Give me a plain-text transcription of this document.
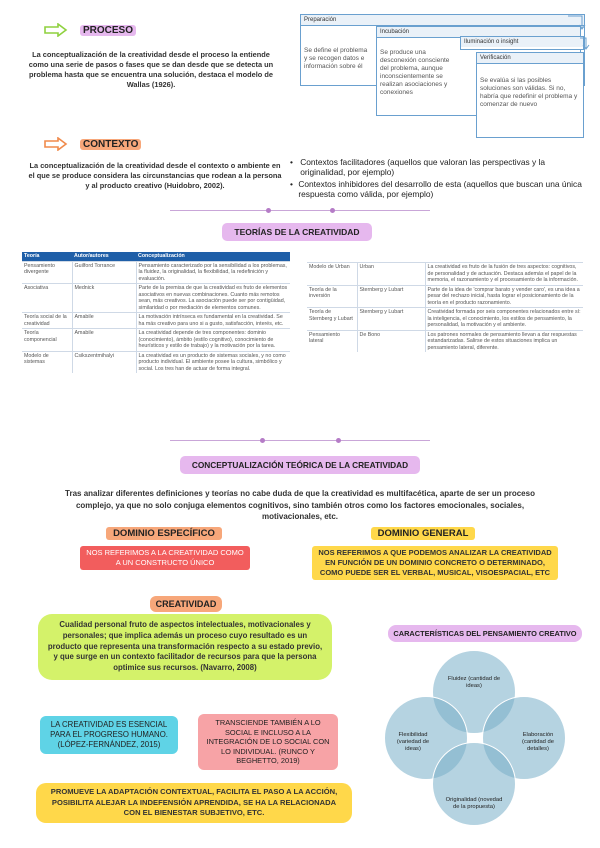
PROCESO
La conceptualización de la creatividad desde el proceso la entiende como una serie de pasos o fases que se dan desde que se detecta un problema hasta que se encuentra una solución, destaca el modelo de Wallas (1926).
Preparación
Se define el problema y se recogen datos e información sobre él
Incubación
Se produce una desconexión consciente del problema, aunque inconscientemente se realizan asociaciones y conexiones
Iluminación o insight
Verificación
Se evalúa si las posibles soluciones son válidas. Si no, habría que redefinir el problema y comenzar de nuevo
CONTEXTO
La conceptualización de la creatividad desde el contexto o ambiente en el que se produce considera las circunstancias que rodean a la persona y al producto creativo (Huidobro, 2002).
• Contextos facilitadores (aquellos que valoran las perspectivas y la originalidad, por ejemplo)
• Contextos inhibidores del desarrollo de esta (aquellos que buscan una única respuesta como válida, por ejemplo)
TEORÍAS DE LA CREATIVIDAD
Teoría	Autor/autores	Conceptualización
Pensamiento divergente	Guilford Torrance	Pensamiento caracterizado por la sensibilidad a los problemas, la fluidez, la originalidad, la flexibilidad, la redefinición y evaluación.
Asociativa	Mednick	Parte de la premisa de que la creatividad es fruto de elementos asociativos en nuevas combinaciones. Cuanto más remotos sean, más creativos. La asociación puede ser por contigüidad, similaridad o por mediación de elementos comunes.
Teoría social de la creatividad	Amabile	La motivación intrínseca es fundamental en la creatividad. Se ha más creativo para uno si a gusto, satisfacción, interés, etc.
Teoría componencial	Amabile	La creatividad depende de tres componentes: dominio (conocimiento), ámbito (estilo cognitivo), conocimiento de heurísticos y estilo de trabajo) y la motivación por la tarea.
Modelo de sistemas	Csikszentmihalyi	La creatividad es un producto de sistemas sociales, y no como producto individual. El ambiente posee la cultura, simbólico y social. Los tres han de actuar de forma integral.
Modelo de Urban	Urban	La creatividad es fruto de la fusión de tres aspectos: cognitivos, de personalidad y de actuación. Destaca además el papel de la memoria, el razonamiento y el procesamiento de la información.
Teoría de la inversión	Sternberg y Lubart	Parte de la idea de 'comprar barato y vender caro', es una idea a pesar del rechazo inicial, hasta lograr el posicionamiento de la teoría en el producto razonamiento.
Teoría de Sternberg y Lubart	Sternberg y Lubart	Creatividad formada por seis componentes relacionados entre sí: la inteligencia, el conocimiento, los estilos de pensamiento, la personalidad, la motivación y el ambiente.
Pensamiento lateral	De Bono	Los patrones normales de pensamiento llevan a dar respuestas estandarizadas. Salirse de estos situaciones implica un pensamiento lateral, diferente.
CONCEPTUALIZACIÓN TEÓRICA DE LA CREATIVIDAD
Tras analizar diferentes definiciones y teorías no cabe duda de que la creatividad es multifacética, aparte de ser un proceso complejo, ya que no solo conjuga elementos cognitivos, sino también otros como los factores emocionales, sociales, motivacionales, etc.
DOMINIO ESPECÍFICO
NOS REFERIMOS A LA CREATIVIDAD COMO A UN CONSTRUCTO ÚNICO
DOMINIO GENERAL
NOS REFERIMOS A QUE PODEMOS ANALIZAR LA CREATIVIDAD EN FUNCIÓN DE UN DOMINIO CONCRETO O DETERMINADO, COMO PUEDE SER EL VERBAL, MUSICAL, VISOESPACIAL, ETC
CREATIVIDAD
Cualidad personal fruto de aspectos intelectuales, motivacionales y personales; que implica además un proceso cuyo resultado es un producto que representa una transformación respecto a su estado previo, y que surge en un contexto facilitador de recursos para que la persona optimice sus recursos. (Navarro, 2008)
LA CREATIVIDAD ES ESENCIAL PARA EL PROGRESO HUMANO. (LÓPEZ-FERNÁNDEZ, 2015)
TRANSCIENDE TAMBIÉN A LO SOCIAL E INCLUSO A LA INTEGRACIÓN DE LO SOCIAL CON LO INDIVIDUAL. (RUNCO Y BEGHETTO, 2019)
PROMUEVE LA ADAPTACIÓN CONTEXTUAL, FACILITA EL PASO A LA ACCIÓN, POSIBILITA ALEJAR LA INDEFENSIÓN APRENDIDA, SE HA LA RELACIONADA CON EL BIENESTAR SUBJETIVO, ETC.
CARACTERÍSTICAS DEL PENSAMIENTO CREATIVO
Fluidez (cantidad de ideas)
Flexibilidad (variedad de ideas)
Elaboración (cantidad de detalles)
Originalidad (novedad de la propuesta)
